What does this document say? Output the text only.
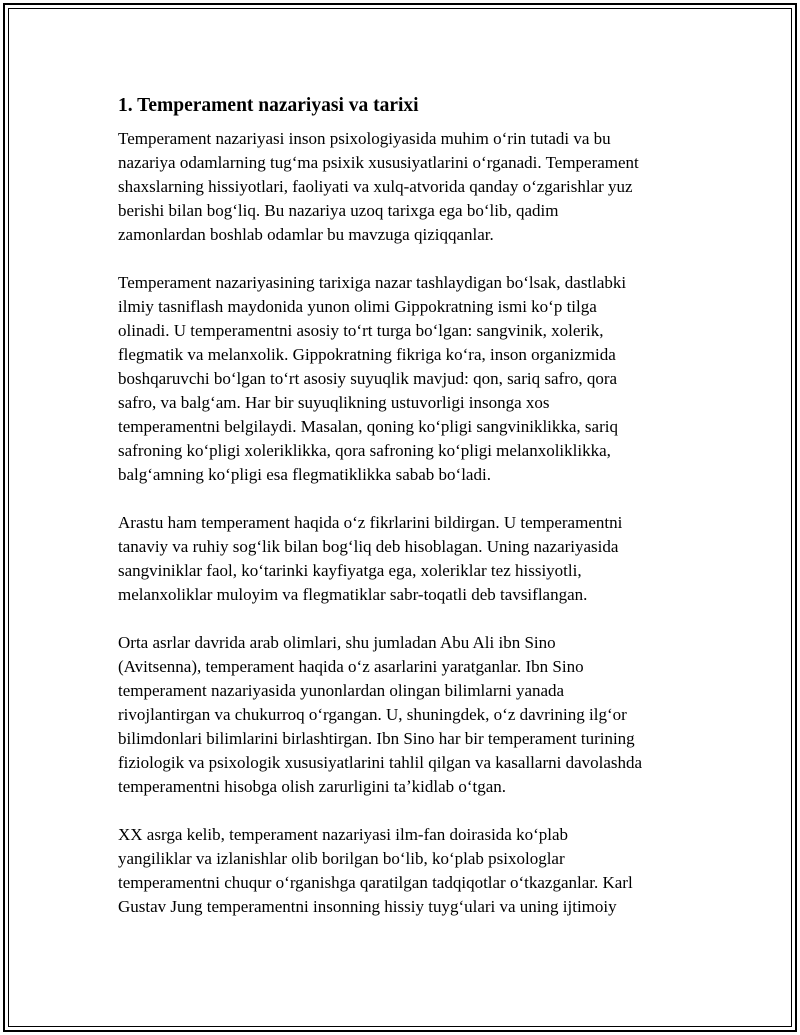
1. Temperament nazariyasi va tarixi

Temperament nazariyasi inson psixologiyasida muhim oʻrin tutadi va bu
nazariya odamlarning tugʻma psixik xususiyatlarini oʻrganadi. Temperament
shaxslarning hissiyotlari, faoliyati va xulq-atvorida qanday oʻzgarishlar yuz
berishi bilan bogʻliq. Bu nazariya uzoq tarixga ega boʻlib, qadim
zamonlardan boshlab odamlar bu mavzuga qiziqqanlar.

Temperament nazariyasining tarixiga nazar tashlaydigan boʻlsak, dastlabki
ilmiy tasniflash maydonida yunon olimi Gippokratning ismi koʻp tilga
olinadi. U temperamentni asosiy toʻrt turga boʻlgan: sangvinik, xolerik,
flegmatik va melanxolik. Gippokratning fikriga koʻra, inson organizmida
boshqaruvchi boʻlgan toʻrt asosiy suyuqlik mavjud: qon, sariq safro, qora
safro, va balgʻam. Har bir suyuqlikning ustuvorligi insonga xos
temperamentni belgilaydi. Masalan, qoning koʻpligi sangviniklikka, sariq
safroning koʻpligi xoleriklikka, qora safroning koʻpligi melanxoliklikka,
balgʻamning koʻpligi esa flegmatiklikka sabab boʻladi.

Arastu ham temperament haqida oʻz fikrlarini bildirgan. U temperamentni
tanaviy va ruhiy sogʻlik bilan bogʻliq deb hisoblagan. Uning nazariyasida
sangviniklar faol, koʻtarinki kayfiyatga ega, xoleriklar tez hissiyotli,
melanxoliklar muloyim va flegmatiklar sabr-toqatli deb tavsiflangan.

Orta asrlar davrida arab olimlari, shu jumladan Abu Ali ibn Sino
(Avitsenna), temperament haqida oʻz asarlarini yaratganlar. Ibn Sino
temperament nazariyasida yunonlardan olingan bilimlarni yanada
rivojlantirgan va chukurroq oʻrgangan. U, shuningdek, oʻz davrining ilgʻor
bilimdonlari bilimlarini birlashtirgan. Ibn Sino har bir temperament turining
fiziologik va psixologik xususiyatlarini tahlil qilgan va kasallarni davolashda
temperamentni hisobga olish zarurligini taʼkidlab oʻtgan.

XX asrga kelib, temperament nazariyasi ilm-fan doirasida koʻplab
yangiliklar va izlanishlar olib borilgan boʻlib, koʻplab psixologlar
temperamentni chuqur oʻrganishga qaratilgan tadqiqotlar oʻtkazganlar. Karl
Gustav Jung temperamentni insonning hissiy tuygʻulari va uning ijtimoiy
